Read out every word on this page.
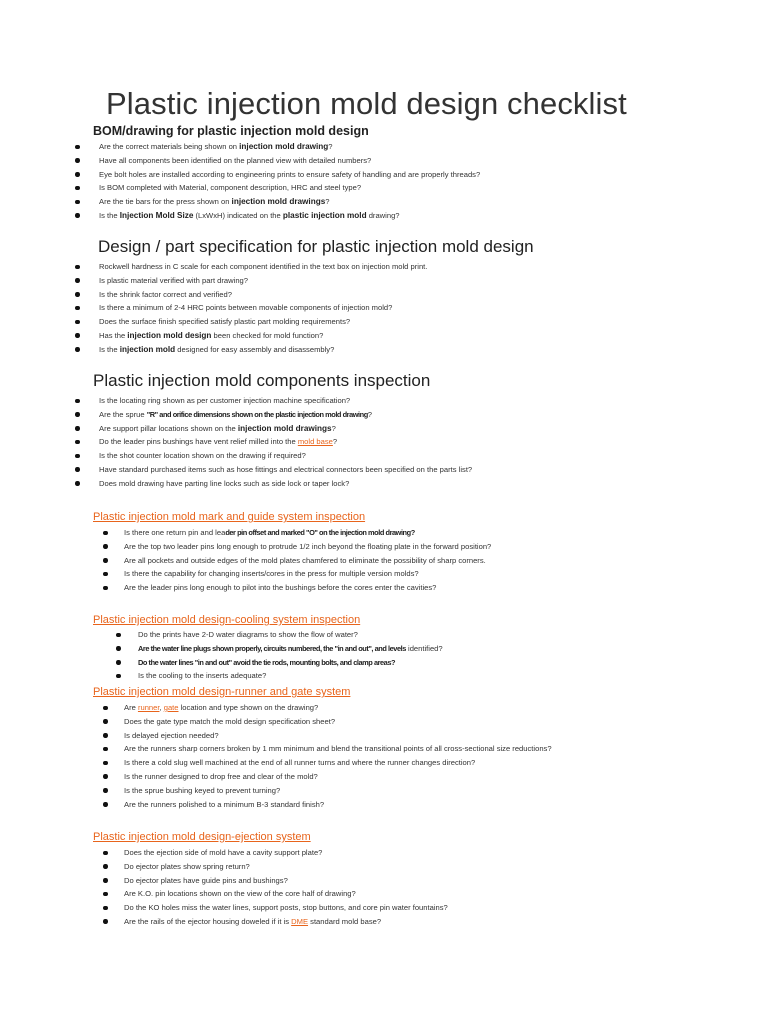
Plastic injection mold design checklist
BOM/drawing for plastic injection mold design
Are the correct materials being shown on injection mold drawing?
Have all components been identified on the planned view with detailed numbers?
Eye bolt holes are installed according to engineering prints to ensure safety of handling and are properly threads?
Is BOM completed with Material, component description, HRC and steel type?
Are the tie bars for the press shown on injection mold drawings?
Is the Injection Mold Size (LxWxH) indicated on the plastic injection mold drawing?
Design / part specification for plastic injection mold design
Rockwell hardness in C scale for each component identified in the text box on injection mold print.
Is plastic material verified with part drawing?
Is the shrink factor correct and verified?
Is there a minimum of 2-4 HRC points between movable components of injection mold?
Does the surface finish specified satisfy plastic part molding requirements?
Has the injection mold design been checked for mold function?
Is the injection mold designed for easy assembly and disassembly?
Plastic injection mold components inspection
Is the locating ring shown as per customer injection machine specification?
Are the sprue "R" and orifice dimensions shown on the plastic injection mold drawing?
Are support pillar locations shown on the injection mold drawings?
Do the leader pins bushings have vent relief milled into the mold base?
Is the shot counter location shown on the drawing if required?
Have standard purchased items such as hose fittings and electrical connectors been specified on the parts list?
Does mold drawing have parting line locks such as side lock or taper lock?
Plastic injection mold mark and guide system inspection
Is there one return pin and leader pin offset and marked "O" on the injection mold drawing?
Are the top two leader pins long enough to protrude 1/2 inch beyond the floating plate in the forward position?
Are all pockets and outside edges of the mold plates chamfered to eliminate the possibility of sharp corners.
Is there the capability for changing inserts/cores in the press for multiple version molds?
Are the leader pins long enough to pilot into the bushings before the cores enter the cavities?
Plastic injection mold design-cooling system inspection
Do the prints have 2-D water diagrams to show the flow of water?
Are the water line plugs shown properly, circuits numbered, the "in and out", and levels identified?
Do the water lines "in and out" avoid the tie rods, mounting bolts, and clamp areas?
Is the cooling to the inserts adequate?
Plastic injection mold design-runner and gate system
Are runner, gate location and type shown on the drawing?
Does the gate type match the mold design specification sheet?
Is delayed ejection needed?
Are the runners sharp corners broken by 1 mm minimum and blend the transitional points of all cross-sectional size reductions?
Is there a cold slug well machined at the end of all runner turns and where the runner changes direction?
Is the runner designed to drop free and clear of the mold?
Is the sprue bushing keyed to prevent turning?
Are the runners polished to a minimum B-3 standard finish?
Plastic injection mold design-ejection system
Does the ejection side of mold have a cavity support plate?
Do ejector plates show spring return?
Do ejector plates have guide pins and bushings?
Are K.O. pin locations shown on the view of the core half of drawing?
Do the KO holes miss the water lines, support posts, stop buttons, and core pin water fountains?
Are the rails of the ejector housing doweled if it is DME standard mold base?
